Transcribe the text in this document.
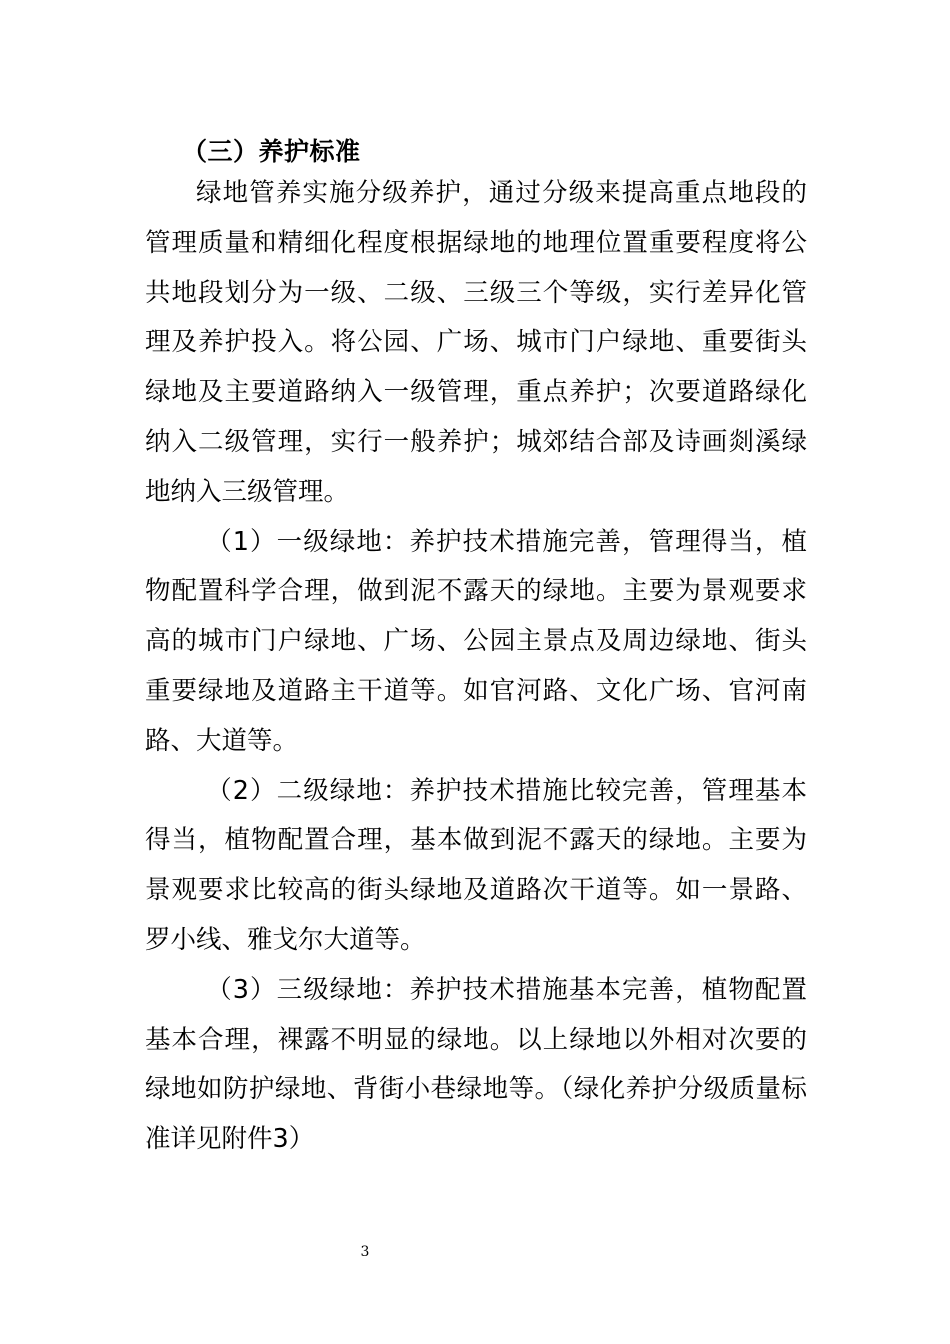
（三）养护标准

绿地管养实施分级养护，通过分级来提高重点地段的管理质量和精细化程度根据绿地的地理位置重要程度将公共地段划分为一级、二级、三级三个等级，实行差异化管理及养护投入。将公园、广场、城市门户绿地、重要街头绿地及主要道路纳入一级管理，重点养护；次要道路绿化纳入二级管理，实行一般养护；城郊结合部及诗画剡溪绿地纳入三级管理。

（1）一级绿地：养护技术措施完善，管理得当，植物配置科学合理，做到泥不露天的绿地。主要为景观要求高的城市门户绿地、广场、公园主景点及周边绿地、街头重要绿地及道路主干道等。如官河路、文化广场、官河南路、大道等。

（2）二级绿地：养护技术措施比较完善，管理基本得当，植物配置合理，基本做到泥不露天的绿地。主要为景观要求比较高的街头绿地及道路次干道等。如一景路、罗小线、雅戈尔大道等。

（3）三级绿地：养护技术措施基本完善，植物配置基本合理，裸露不明显的绿地。以上绿地以外相对次要的绿地如防护绿地、背街小巷绿地等。（绿化养护分级质量标准详见附件3）

3
